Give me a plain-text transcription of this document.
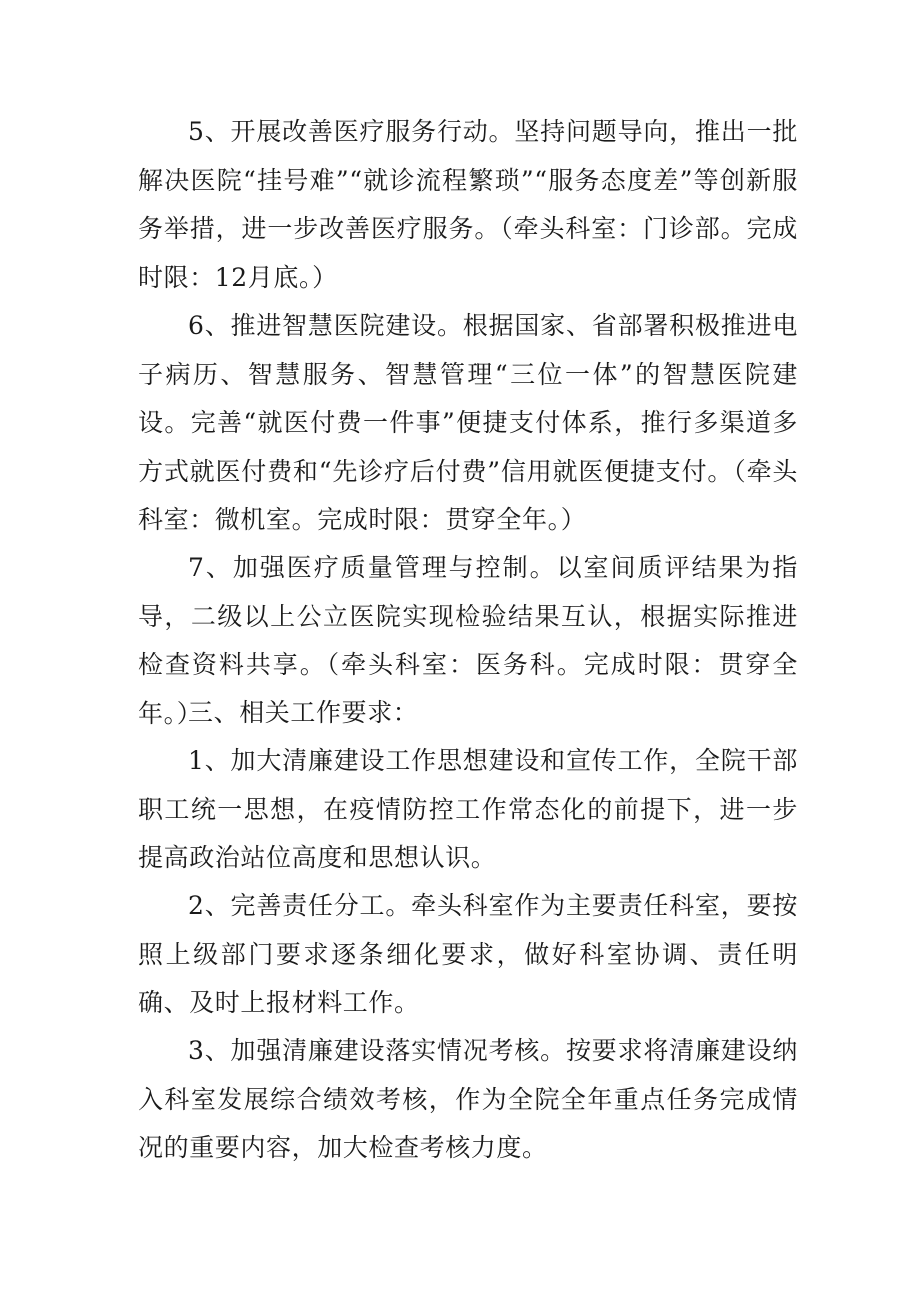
5、开展改善医疗服务行动。坚持问题导向，推出一批解决医院“挂号难”“就诊流程繁琐”“服务态度差”等创新服务举措，进一步改善医疗服务。（牵头科室：门诊部。完成时限：12月底。）

6、推进智慧医院建设。根据国家、省部署积极推进电子病历、智慧服务、智慧管理“三位一体”的智慧医院建设。完善“就医付费一件事”便捷支付体系，推行多渠道多方式就医付费和“先诊疗后付费”信用就医便捷支付。（牵头科室：微机室。完成时限：贯穿全年。）

7、加强医疗质量管理与控制。以室间质评结果为指导，二级以上公立医院实现检验结果互认，根据实际推进检查资料共享。（牵头科室：医务科。完成时限：贯穿全年。）

三、相关工作要求：

1、加大清廉建设工作思想建设和宣传工作，全院干部职工统一思想，在疫情防控工作常态化的前提下，进一步提高政治站位高度和思想认识。

2、完善责任分工。牵头科室作为主要责任科室，要按照上级部门要求逐条细化要求，做好科室协调、责任明确、及时上报材料工作。

3、加强清廉建设落实情况考核。按要求将清廉建设纳入科室发展综合绩效考核，作为全院全年重点任务完成情况的重要内容，加大检查考核力度。
